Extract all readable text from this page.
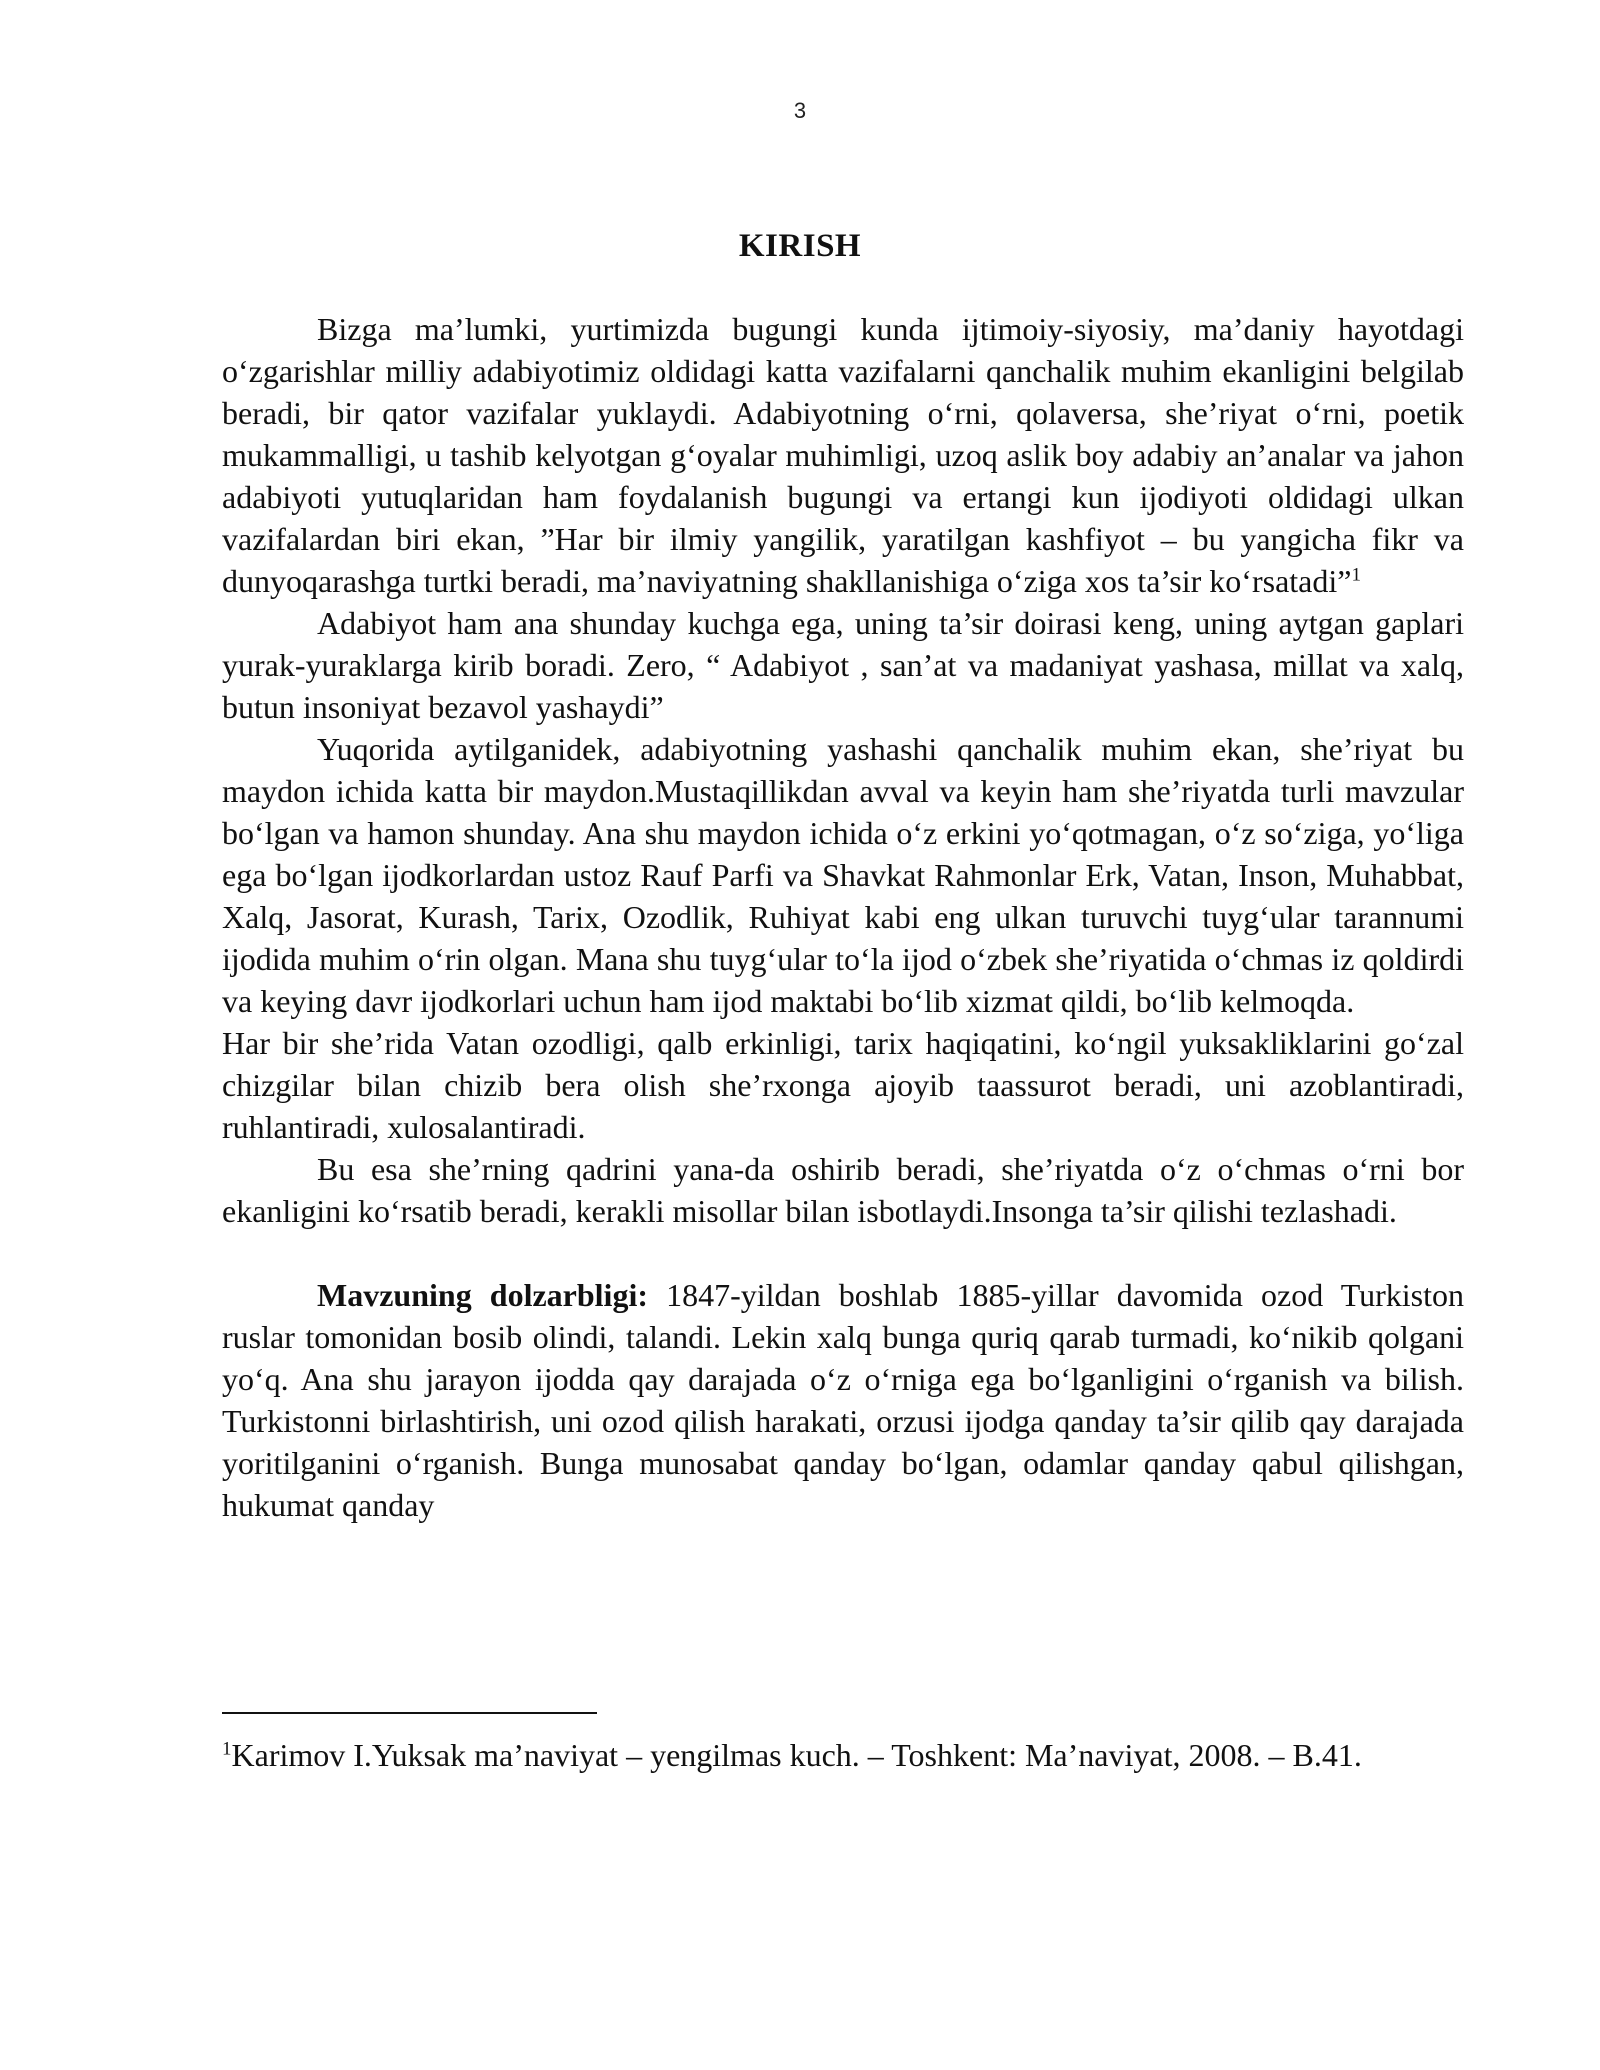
3
KIRISH

Bizga ma’lumki, yurtimizda bugungi kunda ijtimoiy-siyosiy, ma’daniy hayotdagi o‘zgarishlar milliy adabiyotimiz oldidagi katta vazifalarni qanchalik muhim ekanligini belgilab beradi, bir qator vazifalar yuklaydi. Adabiyotning o‘rni, qolaversa, she’riyat o‘rni, poetik mukammalligi, u tashib kelyotgan g‘oyalar muhimligi, uzoq aslik boy adabiy an’analar va jahon adabiyoti yutuqlaridan ham foydalanish bugungi va ertangi kun ijodiyoti oldidagi ulkan vazifalardan biri ekan, ”Har bir ilmiy yangilik, yaratilgan kashfiyot – bu yangicha fikr va dunyoqarashga turtki beradi, ma’naviyatning shakllanishiga o‘ziga xos ta’sir ko‘rsatadi”$^1$

Adabiyot ham ana shunday kuchga ega, uning ta’sir doirasi keng, uning aytgan gaplari yurak-yuraklarga kirib boradi. Zero, “ Adabiyot , san’at va madaniyat yashasa, millat va xalq, butun insoniyat bezavol yashaydi”

Yuqorida aytilganidek, adabiyotning yashashi qanchalik muhim ekan, she’riyat bu maydon ichida katta bir maydon.Mustaqillikdan avval va keyin ham she’riyatda turli mavzular bo‘lgan va hamon shunday. Ana shu maydon ichida o‘z erkini yo‘qotmagan, o‘z so‘ziga, yo‘liga ega bo‘lgan ijodkorlardan ustoz Rauf Parfi va Shavkat Rahmonlar Erk, Vatan, Inson, Muhabbat, Xalq, Jasorat, Kurash, Tarix, Ozodlik, Ruhiyat kabi eng ulkan turuvchi tuyg‘ular tarannumi ijodida muhim o‘rin olgan. Mana shu tuyg‘ular to‘la ijod o‘zbek she’riyatida o‘chmas iz qoldirdi va keying davr ijodkorlari uchun ham ijod maktabi bo‘lib xizmat qildi, bo‘lib kelmoqda.

Har bir she’rida Vatan ozodligi, qalb erkinligi, tarix haqiqatini, ko‘ngil yuksakliklarini go‘zal chizgilar bilan chizib bera olish she’rxonga ajoyib taassurot beradi, uni azoblantiradi, ruhlantiradi, xulosalantiradi.

Bu esa she’rning qadrini yana-da oshirib beradi, she’riyatda o‘z o‘chmas o‘rni bor ekanligini ko‘rsatib beradi, kerakli misollar bilan isbotlaydi.Insonga ta’sir qilishi tezlashadi.

Mavzuning dolzarbligi: 1847-yildan boshlab 1885-yillar davomida ozod Turkiston ruslar tomonidan bosib olindi, talandi. Lekin xalq bunga quriq qarab turmadi, ko‘nikib qolgani yo‘q. Ana shu jarayon ijodda qay darajada o‘z o‘rniga ega bo‘lganligini o‘rganish va bilish. Turkistonni birlashtirish, uni ozod qilish harakati, orzusi ijodga qanday ta’sir qilib qay darajada yoritilganini o‘rganish. Bunga munosabat qanday bo‘lgan, odamlar qanday qabul qilishgan, hukumat qanday

$^1$Karimov I.Yuksak ma’naviyat – yengilmas kuch. – Toshkent: Ma’naviyat, 2008. – B.41.
